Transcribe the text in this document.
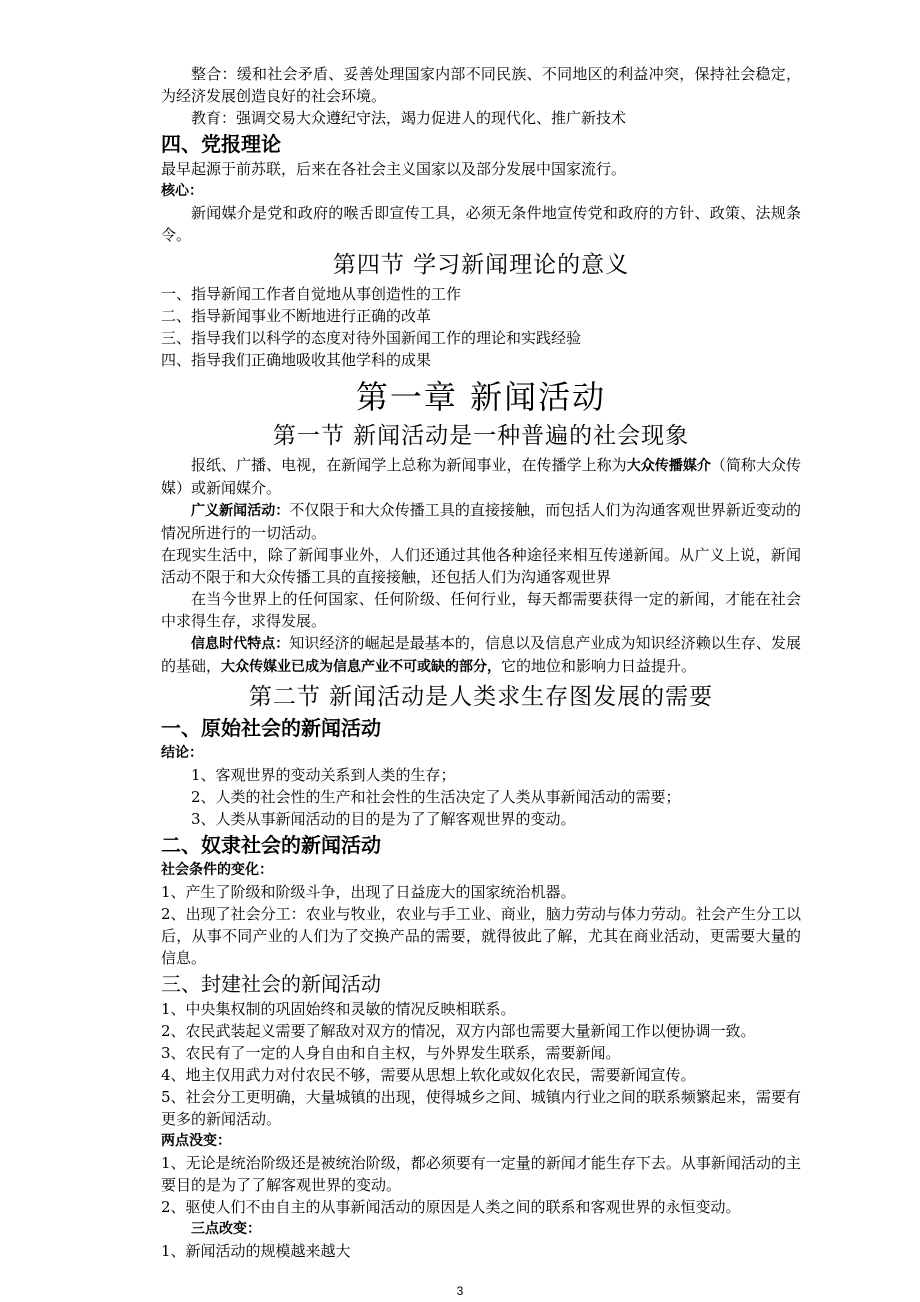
整合：缓和社会矛盾、妥善处理国家内部不同民族、不同地区的利益冲突，保持社会稳定，为经济发展创造良好的社会环境。

教育：强调交易大众遵纪守法，竭力促进人的现代化、推广新技术

四、党报理论

最早起源于前苏联，后来在各社会主义国家以及部分发展中国家流行。

核心：

新闻媒介是党和政府的喉舌即宣传工具，必须无条件地宣传党和政府的方针、政策、法规条令。

第四节 学习新闻理论的意义

一、指导新闻工作者自觉地从事创造性的工作

二、指导新闻事业不断地进行正确的改革

三、指导我们以科学的态度对待外国新闻工作的理论和实践经验

四、指导我们正确地吸收其他学科的成果

第一章 新闻活动
第一节 新闻活动是一种普遍的社会现象

报纸、广播、电视，在新闻学上总称为新闻事业，在传播学上称为大众传播媒介（简称大众传媒）或新闻媒介。

广义新闻活动：不仅限于和大众传播工具的直接接触，而包括人们为沟通客观世界新近变动的情况所进行的一切活动。

在现实生活中，除了新闻事业外，人们还通过其他各种途径来相互传递新闻。从广义上说，新闻活动不限于和大众传播工具的直接接触，还包括人们为沟通客观世界

在当今世界上的任何国家、任何阶级、任何行业，每天都需要获得一定的新闻，才能在社会中求得生存，求得发展。

信息时代特点：知识经济的崛起是最基本的，信息以及信息产业成为知识经济赖以生存、发展的基础，大众传媒业已成为信息产业不可或缺的部分，它的地位和影响力日益提升。

第二节 新闻活动是人类求生存图发展的需要
一、原始社会的新闻活动
结论：

1、客观世界的变动关系到人类的生存；

2、人类的社会性的生产和社会性的生活决定了人类从事新闻活动的需要；

3、人类从事新闻活动的目的是为了了解客观世界的变动。

二、奴隶社会的新闻活动
社会条件的变化：

1、产生了阶级和阶级斗争，出现了日益庞大的国家统治机器。

2、出现了社会分工：农业与牧业，农业与手工业、商业，脑力劳动与体力劳动。社会产生分工以后，从事不同产业的人们为了交换产品的需要，就得彼此了解，尤其在商业活动，更需要大量的信息。

三、封建社会的新闻活动

1、中央集权制的巩固始终和灵敏的情况反映相联系。

2、农民武装起义需要了解敌对双方的情况，双方内部也需要大量新闻工作以便协调一致。

3、农民有了一定的人身自由和自主权，与外界发生联系，需要新闻。

4、地主仅用武力对付农民不够，需要从思想上软化或奴化农民，需要新闻宣传。

5、社会分工更明确，大量城镇的出现，使得城乡之间、城镇内行业之间的联系频繁起来，需要有更多的新闻活动。

两点没变：

1、无论是统治阶级还是被统治阶级，都必须要有一定量的新闻才能生存下去。从事新闻活动的主要目的是为了了解客观世界的变动。

2、驱使人们不由自主的从事新闻活动的原因是人类之间的联系和客观世界的永恒变动。

三点改变：

1、新闻活动的规模越来越大

3
